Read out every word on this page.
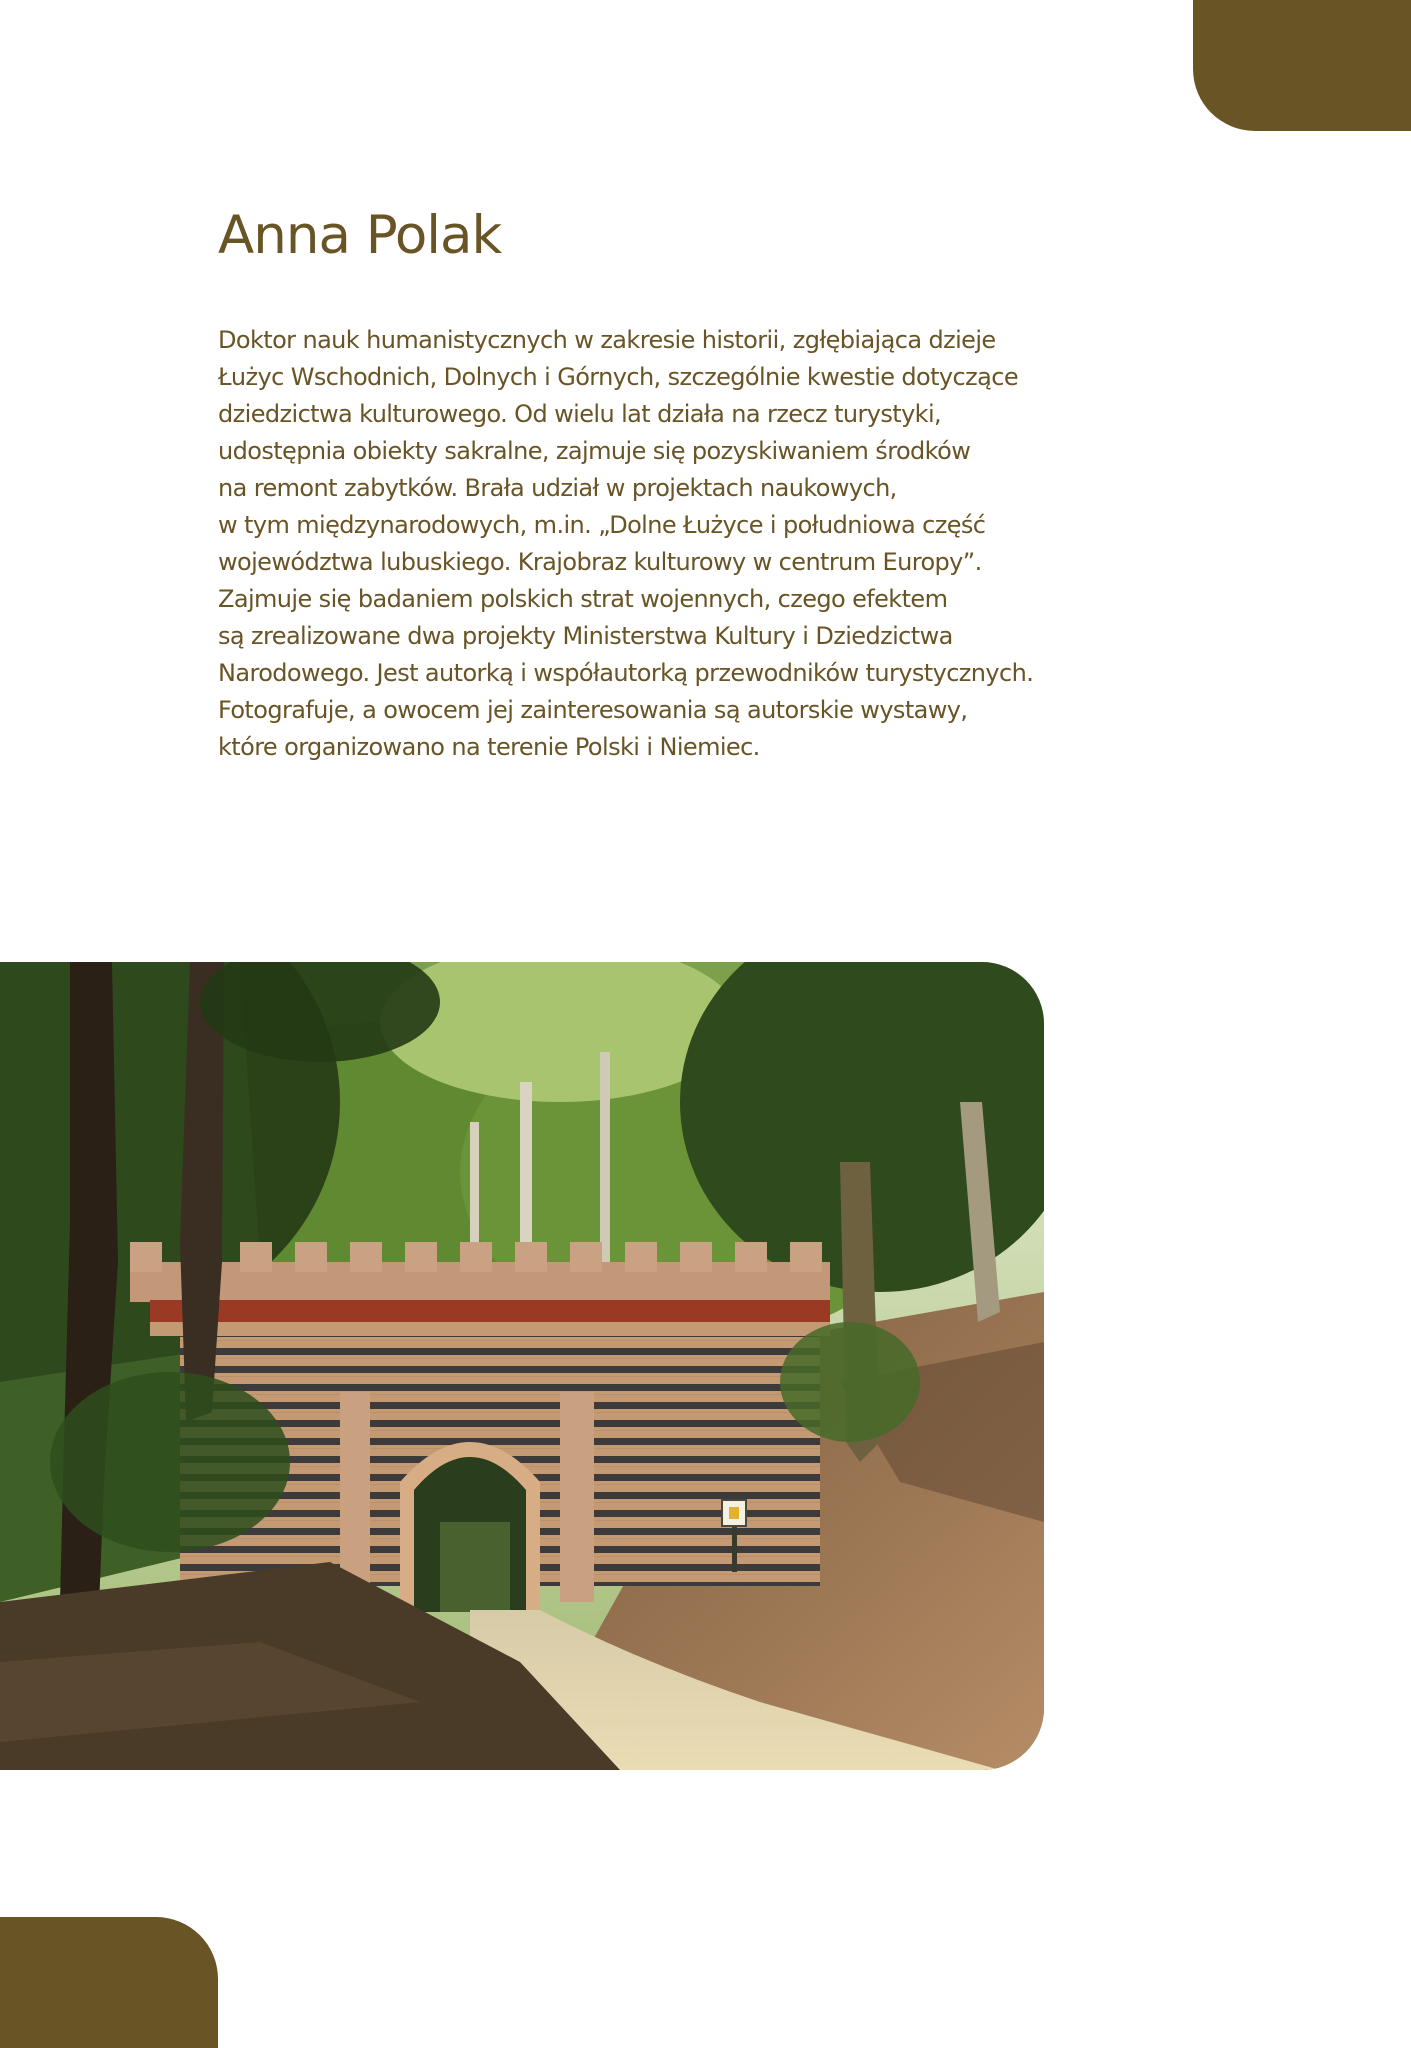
Anna Polak
Doktor nauk humanistycznych w zakresie historii, zgłębiająca dzieje
Łużyc Wschodnich, Dolnych i Górnych, szczególnie kwestie dotyczące
dziedzictwa kulturowego. Od wielu lat działa na rzecz turystyki,
udostępnia obiekty sakralne, zajmuje się pozyskiwaniem środków
na remont zabytków. Brała udział w projektach naukowych,
w tym międzynarodowych, m.in. „Dolne Łużyce i południowa część
województwa lubuskiego. Krajobraz kulturowy w centrum Europy”.
Zajmuje się badaniem polskich strat wojennych, czego efektem
są zrealizowane dwa projekty Ministerstwa Kultury i Dziedzictwa
Narodowego. Jest autorką i współautorką przewodników turystycznych.
Fotografuje, a owocem jej zainteresowania są autorskie wystawy,
które organizowano na terenie Polski i Niemiec.
